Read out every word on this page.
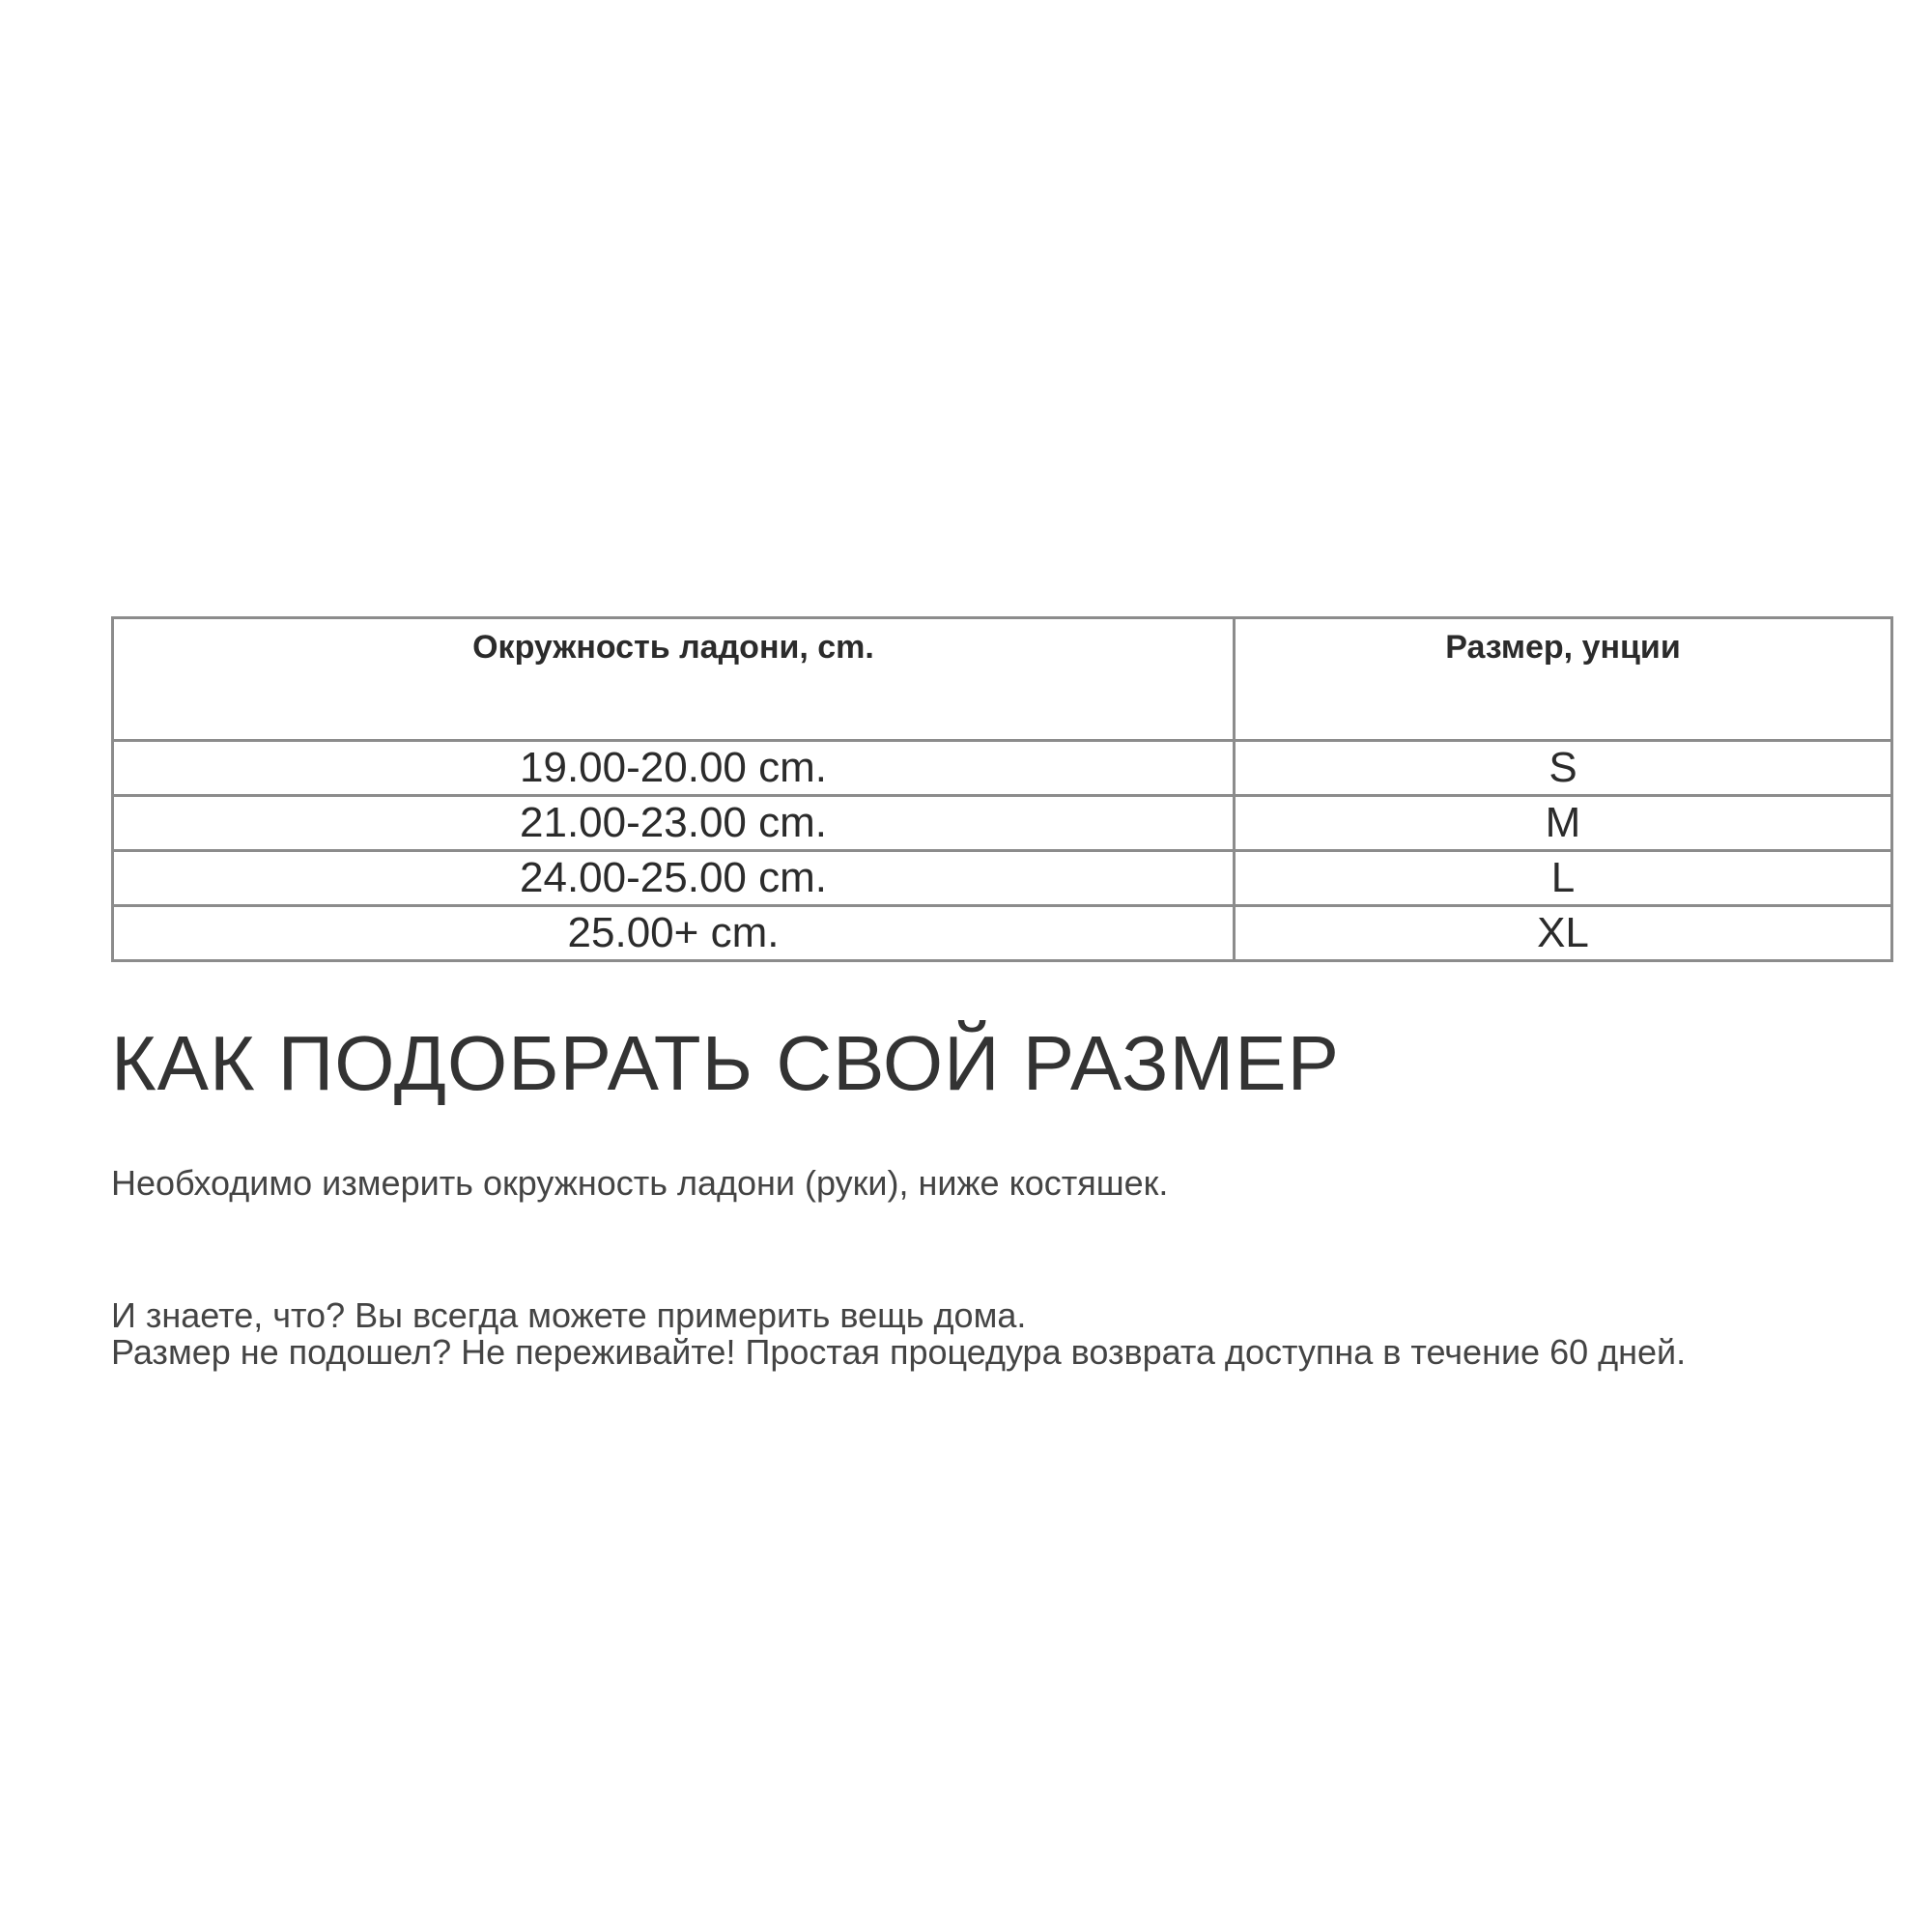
Окружность ладони, cm.	Размер, унции
19.00-20.00 cm.	S
21.00-23.00 cm.	M
24.00-25.00 cm.	L
25.00+ cm.	XL
КАК ПОДОБРАТЬ СВОЙ РАЗМЕР

Необходимо измерить окружность ладони (руки), ниже костяшек.

И знаете, что? Вы всегда можете примерить вещь дома.
Размер не подошел? Не переживайте! Простая процедура возврата доступна в течение 60 дней.
